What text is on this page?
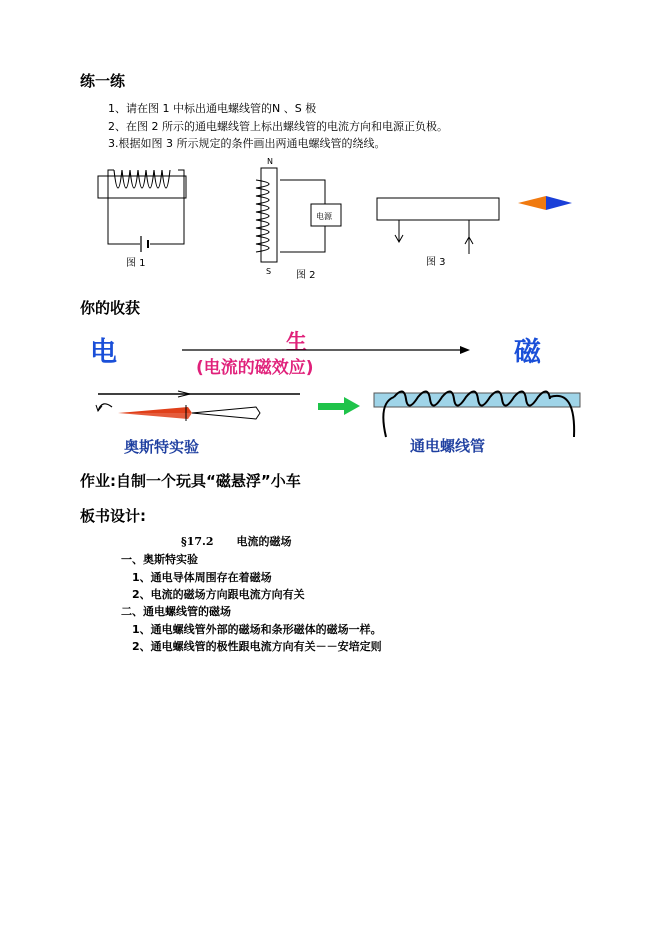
练一练
1、请在图 1 中标出通电螺线管的N 、S 极
2、在图 2 所示的通电螺线管上标出螺线管的电流方向和电源正负极。
3.根据如图 3 所示规定的条件画出两通电螺线管的绕线。
图 1
N
电源
S 图 2
图 3
你的收获
电	磁
生
(电流的磁效应)
奥斯特实验	通电螺线管
作业:自制一个玩具“磁悬浮”小车
板书设计:
§17.2      电流的磁场
一、奥斯特实验
1、通电导体周围存在着磁场
2、电流的磁场方向跟电流方向有关
二、通电螺线管的磁场
1、通电螺线管外部的磁场和条形磁体的磁场一样。
2、通电螺线管的极性跟电流方向有关－－安培定则
